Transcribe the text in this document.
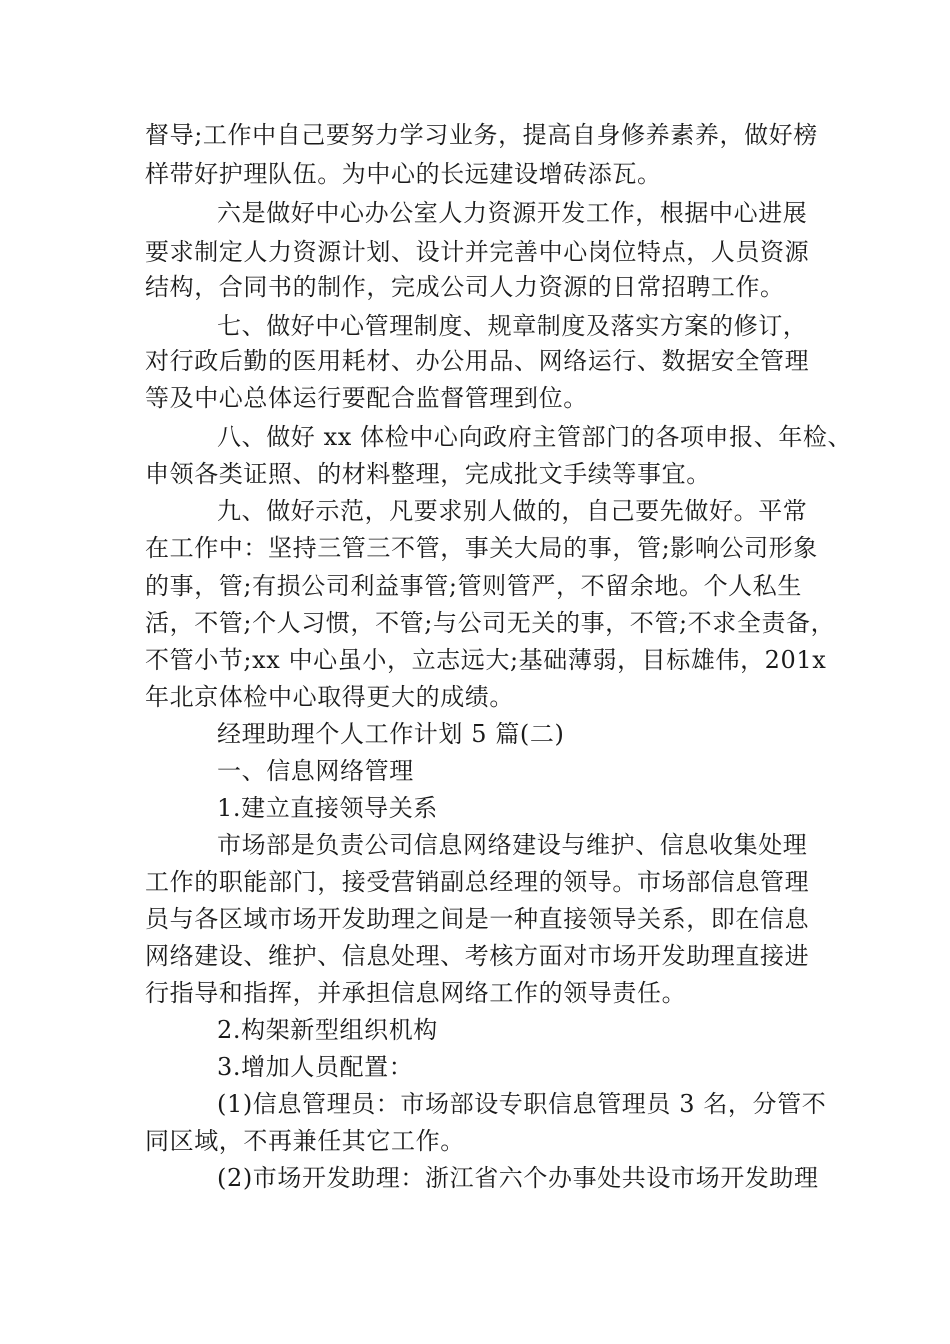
督导;工作中自己要努力学习业务，提高自身修养素养，做好榜
样带好护理队伍。为中心的长远建设增砖添瓦。
六是做好中心办公室人力资源开发工作，根据中心进展
要求制定人力资源计划、设计并完善中心岗位特点，人员资源
结构，合同书的制作，完成公司人力资源的日常招聘工作。
七、做好中心管理制度、规章制度及落实方案的修订，
对行政后勤的医用耗材、办公用品、网络运行、数据安全管理
等及中心总体运行要配合监督管理到位。
八、做好 xx 体检中心向政府主管部门的各项申报、年检、
申领各类证照、的材料整理，完成批文手续等事宜。
九、做好示范，凡要求别人做的，自己要先做好。平常
在工作中：坚持三管三不管，事关大局的事，管;影响公司形象
的事，管;有损公司利益事管;管则管严，不留余地。个人私生
活，不管;个人习惯，不管;与公司无关的事，不管;不求全责备，
不管小节;xx 中心虽小，立志远大;基础薄弱，目标雄伟，201x
年北京体检中心取得更大的成绩。
经理助理个人工作计划 5 篇(二)
一、信息网络管理
1.建立直接领导关系
市场部是负责公司信息网络建设与维护、信息收集处理
工作的职能部门，接受营销副总经理的领导。市场部信息管理
员与各区域市场开发助理之间是一种直接领导关系，即在信息
网络建设、维护、信息处理、考核方面对市场开发助理直接进
行指导和指挥，并承担信息网络工作的领导责任。
2.构架新型组织机构
3.增加人员配置：
(1)信息管理员：市场部设专职信息管理员 3 名，分管不
同区域，不再兼任其它工作。
(2)市场开发助理：浙江省六个办事处共设市场开发助理
